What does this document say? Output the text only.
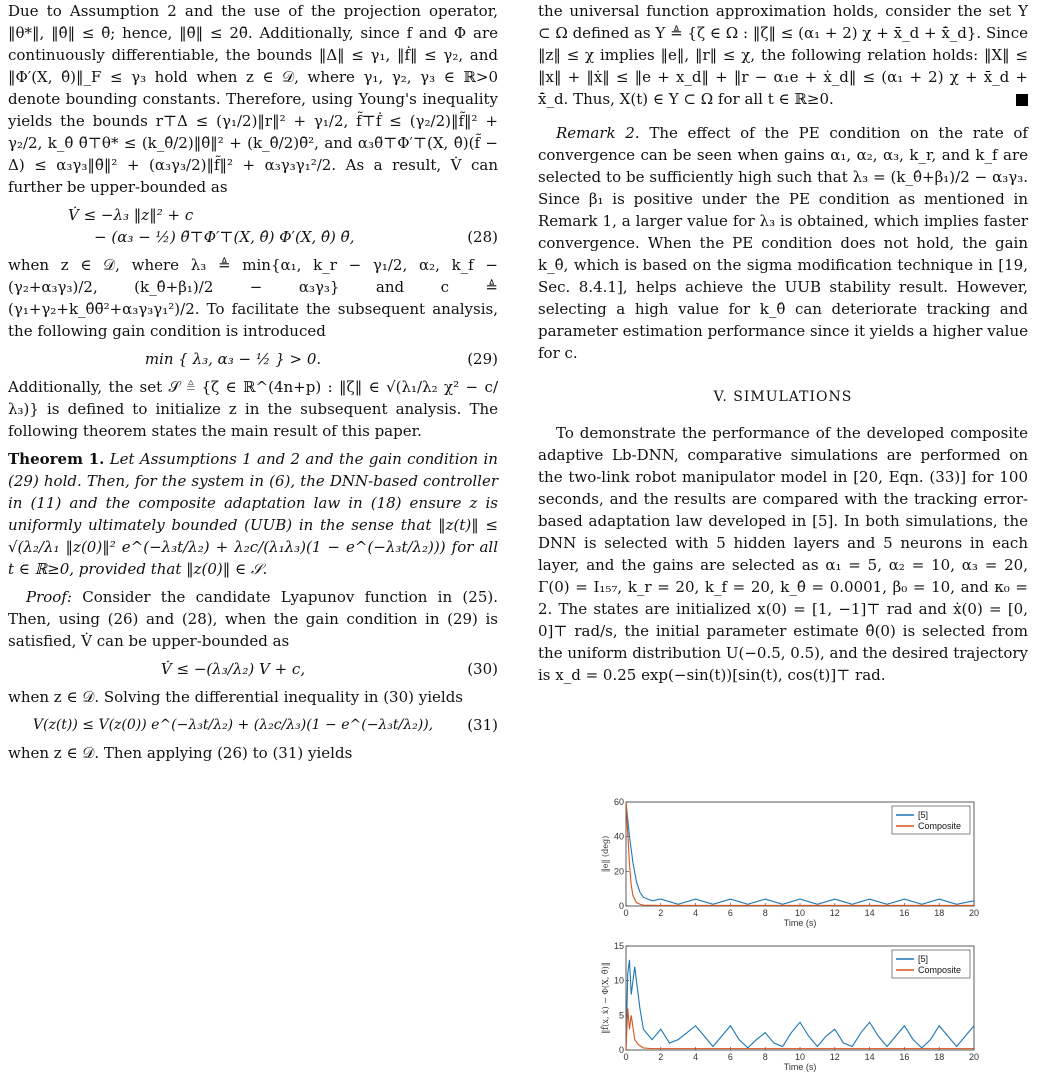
Due to Assumption 2 and the use of the projection operator, ‖θ*‖, ‖θ̂‖ ≤ θ̄; hence, ‖θ̃‖ ≤ 2θ̄. Additionally, since f and Φ are continuously differentiable, the bounds ‖Δ‖ ≤ γ₁, ‖ḟ‖ ≤ γ₂, and ‖Φ′(X, θ̂)‖_F ≤ γ₃ hold when z ∈ 𝒟, where γ₁, γ₂, γ₃ ∈ ℝ>0 denote bounding constants. Therefore, using Young's inequality yields the bounds r⊤Δ ≤ (γ₁/2)‖r‖² + γ₁/2, f̃⊤ḟ ≤ (γ₂/2)‖f̃‖² + γ₂/2, k_θ̂ θ̃⊤θ* ≤ (k_θ̂/2)‖θ̃‖² + (k_θ̂/2)θ̄², and α₃θ̃⊤Φ′⊤(X, θ̂)(f̃ − Δ) ≤ α₃γ₃‖θ̃‖² + (α₃γ₃/2)‖f̃‖² + α₃γ₃γ₁²/2. As a result, V̇ can further be upper-bounded as

V̇ ≤ −λ₃ ‖z‖² + c
− (α₃ − ½) θ̃⊤Φ′⊤(X, θ̂) Φ′(X, θ̂) θ̃,	(28)

when z ∈ 𝒟, where λ₃ ≜ min{α₁, k_r − γ₁/2, α₂, k_f − (γ₂+α₃γ₃)/2, (k_θ̂+β₁)/2 − α₃γ₃} and c ≜ (γ₁+γ₂+k_θ̂θ̄²+α₃γ₃γ₁²)/2. To facilitate the subsequent analysis, the following gain condition is introduced

min { λ₃, α₃ − ½ } > 0.	(29)

Additionally, the set 𝒮 ≜ {ζ ∈ ℝ^(4n+p) : ‖ζ‖ ∈ √(λ₁/λ₂ χ² − c/λ₃)} is defined to initialize z in the subsequent analysis. The following theorem states the main result of this paper.

Theorem 1. Let Assumptions 1 and 2 and the gain condition in (29) hold. Then, for the system in (6), the DNN-based controller in (11) and the composite adaptation law in (18) ensure z is uniformly ultimately bounded (UUB) in the sense that ‖z(t)‖ ≤ √(λ₂/λ₁ ‖z(0)‖² e^(−λ₃t/λ₂) + λ₂c/(λ₁λ₃)(1 − e^(−λ₃t/λ₂))) for all t ∈ ℝ≥0, provided that ‖z(0)‖ ∈ 𝒮.

Proof: Consider the candidate Lyapunov function in (25). Then, using (26) and (28), when the gain condition in (29) is satisfied, V̇ can be upper-bounded as

V̇ ≤ −(λ₃/λ₂) V + c,	(30)

when z ∈ 𝒟. Solving the differential inequality in (30) yields

V(z(t)) ≤ V(z(0)) e^(−λ₃t/λ₂) + (λ₂c/λ₃)(1 − e^(−λ₃t/λ₂)),	(31)

when z ∈ 𝒟. Then applying (26) to (31) yields

the universal function approximation holds, consider the set Υ ⊂ Ω defined as Υ ≜ {ζ ∈ Ω : ‖ζ‖ ≤ (α₁ + 2) χ + x̄_d + x̄̇_d}. Since ‖z‖ ≤ χ implies ‖e‖, ‖r‖ ≤ χ, the following relation holds: ‖X‖ ≤ ‖x‖ + ‖ẋ‖ ≤ ‖e + x_d‖ + ‖r − α₁e + ẋ_d‖ ≤ (α₁ + 2) χ + x̄_d + x̄̇_d. Thus, X(t) ∈ Υ ⊂ Ω for all t ∈ ℝ≥0.

Remark 2. The effect of the PE condition on the rate of convergence can be seen when gains α₁, α₂, α₃, k_r, and k_f are selected to be sufficiently high such that λ₃ = (k_θ̂+β₁)/2 − α₃γ₃. Since β₁ is positive under the PE condition as mentioned in Remark 1, a larger value for λ₃ is obtained, which implies faster convergence. When the PE condition does not hold, the gain k_θ̂, which is based on the sigma modification technique in [19, Sec. 8.4.1], helps achieve the UUB stability result. However, selecting a high value for k_θ̂ can deteriorate tracking and parameter estimation performance since it yields a higher value for c.

V. SIMULATIONS

To demonstrate the performance of the developed composite adaptive Lb-DNN, comparative simulations are performed on the two-link robot manipulator model in [20, Eqn. (33)] for 100 seconds, and the results are compared with the tracking error-based adaptation law developed in [5]. In both simulations, the DNN is selected with 5 hidden layers and 5 neurons in each layer, and the gains are selected as α₁ = 5, α₂ = 10, α₃ = 20, Γ(0) = I₁₅₇, k_r = 20, k_f = 20, k_θ̂ = 0.0001, β₀ = 10, and κ₀ = 2. The states are initialized x(0) = [1, −1]⊤ rad and ẋ(0) = [0, 0]⊤ rad/s, the initial parameter estimate θ̂(0) is selected from the uniform distribution U(−0.5, 0.5), and the desired trajectory is x_d = 0.25 exp(−sin(t))[sin(t), cos(t)]⊤ rad.

0	2	4	6	8	10	12	14	16	18	20
0
20
40
60
Time (s)
‖e‖ (deg)
[5]
Composite
0	2	4	6	8	10	12	14	16	18	20
0
5
10
15
Time (s)
‖f̂(x, ẋ) − Φ(X, θ̂)‖
[5]
Composite
